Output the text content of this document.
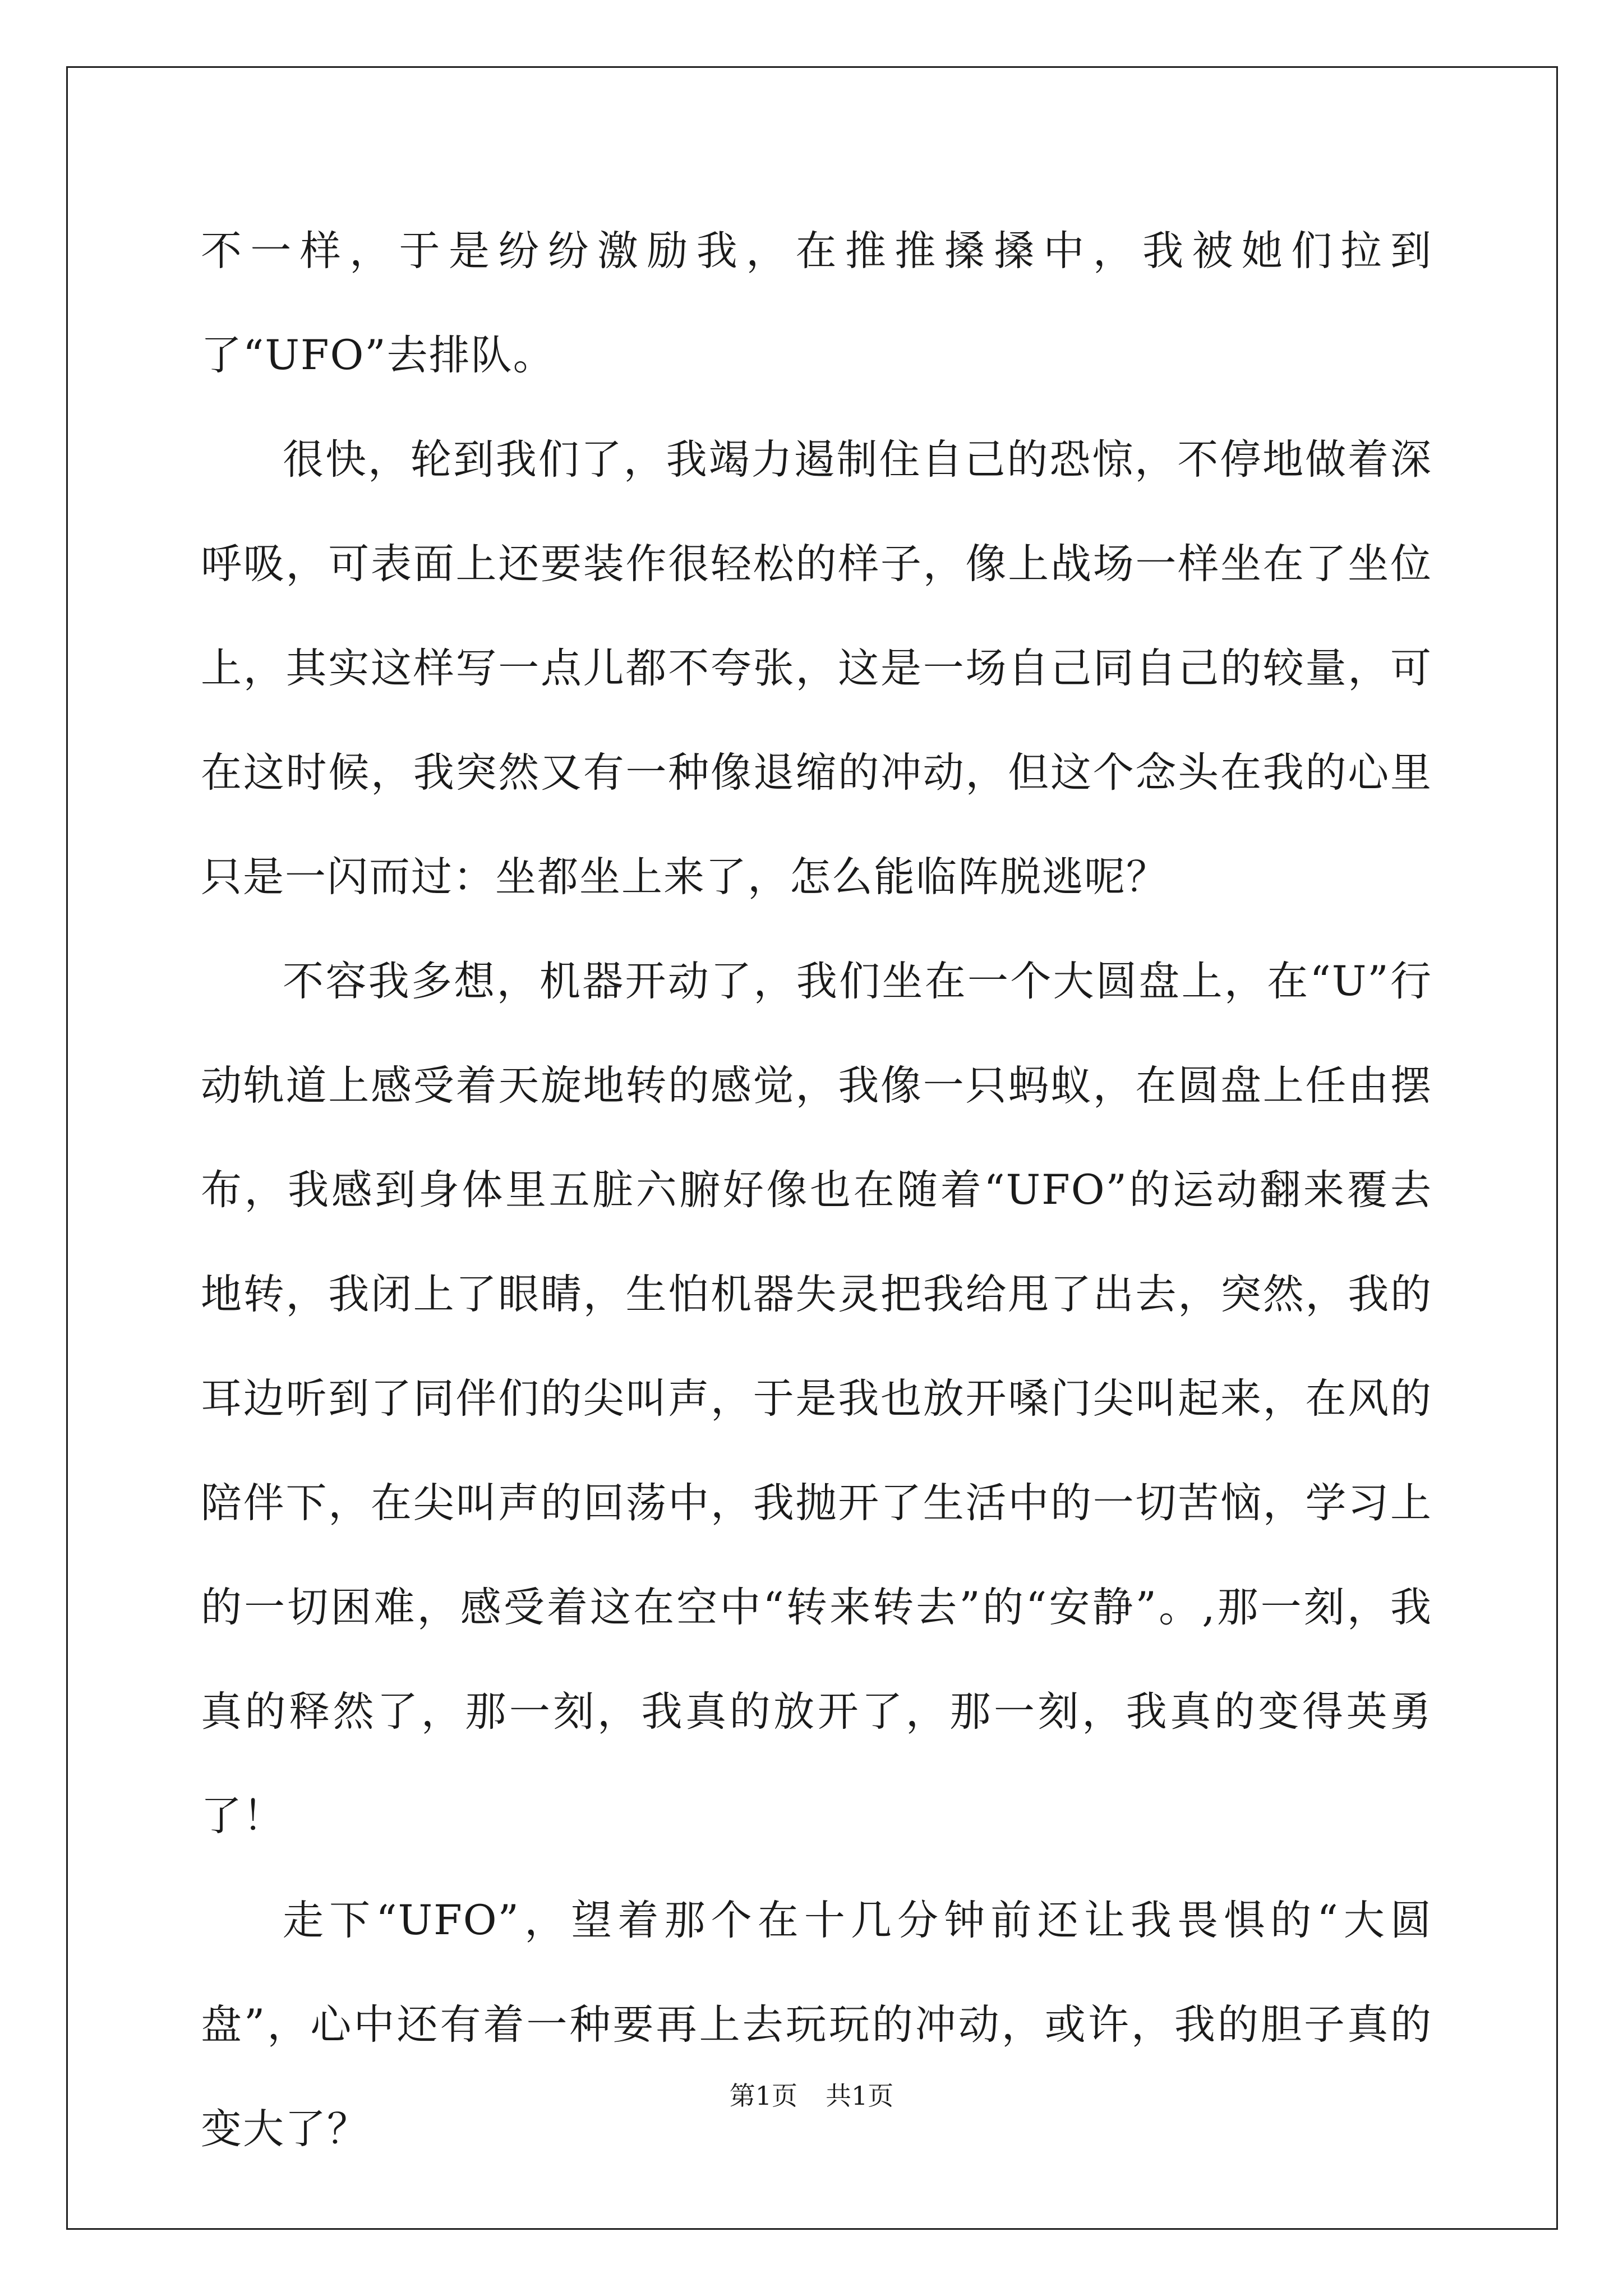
不一样，于是纷纷激励我，在推推搡搡中，我被她们拉到了“UFO”去排队。

很快，轮到我们了，我竭力遏制住自己的恐惊，不停地做着深呼吸，可表面上还要装作很轻松的样子，像上战场一样坐在了坐位上，其实这样写一点儿都不夸张，这是一场自己同自己的较量，可在这时候，我突然又有一种像退缩的冲动，但这个念头在我的心里只是一闪而过：坐都坐上来了，怎么能临阵脱逃呢？

不容我多想，机器开动了，我们坐在一个大圆盘上，在“U”行动轨道上感受着天旋地转的感觉，我像一只蚂蚁，在圆盘上任由摆布，我感到身体里五脏六腑好像也在随着“UFO”的运动翻来覆去地转，我闭上了眼睛，生怕机器失灵把我给甩了出去，突然，我的耳边听到了同伴们的尖叫声，于是我也放开嗓门尖叫起来，在风的陪伴下，在尖叫声的回荡中，我抛开了生活中的一切苦恼，学习上的一切困难，感受着这在空中“转来转去”的“安静”。,那一刻，我真的释然了，那一刻，我真的放开了，那一刻，我真的变得英勇了！

走下“UFO”，望着那个在十几分钟前还让我畏惧的“大圆盘”，心中还有着一种要再上去玩玩的冲动，或许，我的胆子真的变大了？

第1页 共1页
